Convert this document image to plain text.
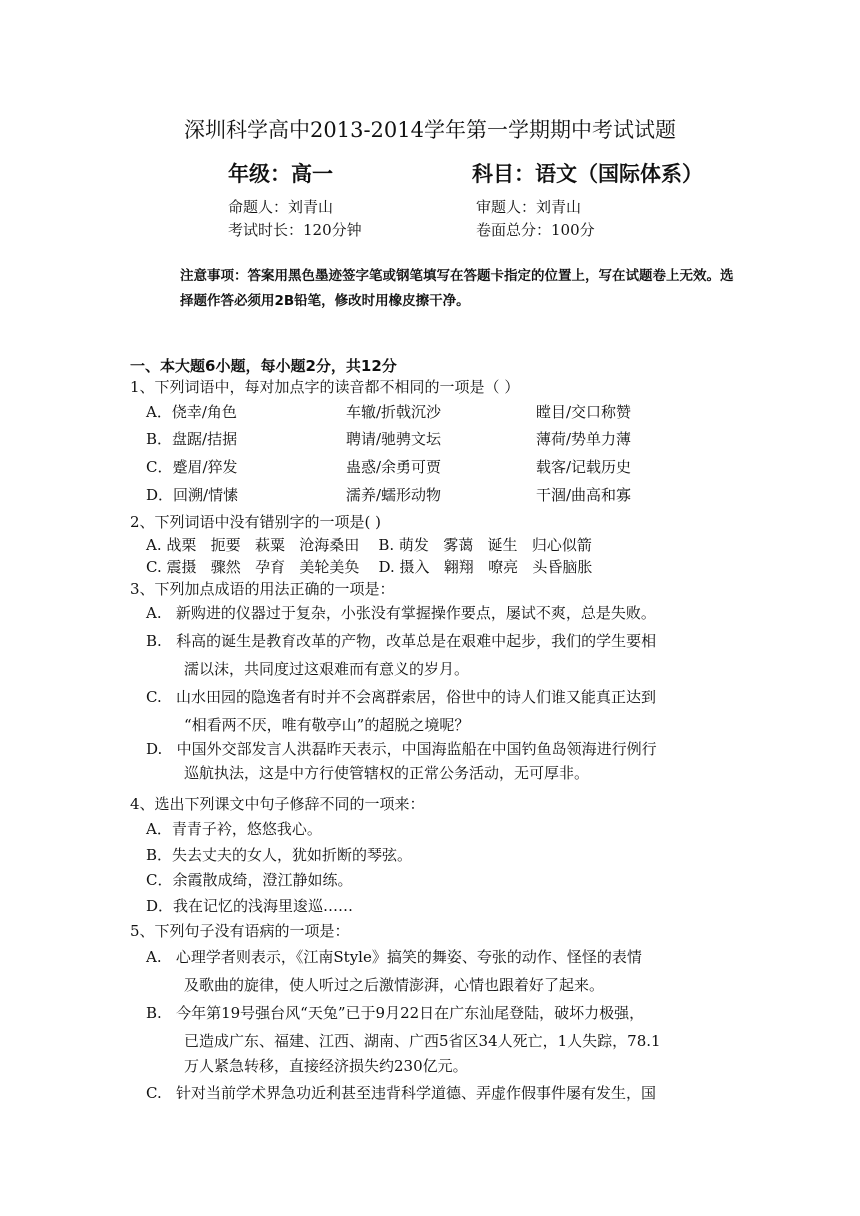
深圳科学高中2013-2014学年第一学期期中考试试题
年级：高一	科目：语文（国际体系）
命题人：刘青山	审题人：刘青山
考试时长：120分钟	卷面总分：100分
注意事项：答案用黑色墨迹签字笔或钢笔填写在答题卡指定的位置上，写在试题卷上无效。选择题作答必须用2B铅笔，修改时用橡皮擦干净。
一、本大题6小题，每小题2分，共12分
1、下列词语中，每对加点字的读音都不相同的一项是（ ）
A．侥幸/角色	车辙/折戟沉沙	瞠目/交口称赞
B．盘踞/拮据	聘请/驰骋文坛	薄荷/势单力薄
C．蹙眉/猝发	蛊惑/余勇可贾	载客/记载历史
D．回溯/情愫	濡养/蠕形动物	干涸/曲高和寡
2、下列词语中没有错别字的一项是( )
A. 战栗   扼要   萩粟   沧海桑田    B. 萌发   雾蔼   诞生   归心似箭
C. 震摄   骤然   孕育   美轮美奂    D. 摄入   翱翔   嘹亮   头昏脑胀
3、下列加点成语的用法正确的一项是：
A.   新购进的仪器过于复杂，小张没有掌握操作要点，屡试不爽，总是失败。
B.   科高的诞生是教育改革的产物，改革总是在艰难中起步，我们的学生要相
濡以沫，共同度过这艰难而有意义的岁月。
C.   山水田园的隐逸者有时并不会离群索居，俗世中的诗人们谁又能真正达到
“相看两不厌，唯有敬亭山”的超脱之境呢？
D.   中国外交部发言人洪磊昨天表示，中国海监船在中国钓鱼岛领海进行例行
巡航执法，这是中方行使管辖权的正常公务活动，无可厚非。
4、选出下列课文中句子修辞不同的一项来：
A．青青子衿，悠悠我心。
B．失去丈夫的女人，犹如折断的琴弦。
C．余霞散成绮，澄江静如练。
D．我在记忆的浅海里逡巡……
5、下列句子没有语病的一项是：
A.   心理学者则表示，《江南Style》搞笑的舞姿、夸张的动作、怪怪的表情
及歌曲的旋律，使人听过之后激情澎湃，心情也跟着好了起来。
B.   今年第19号强台风“天兔”已于9月22日在广东汕尾登陆，破坏力极强，
已造成广东、福建、江西、湖南、广西5省区34人死亡，1人失踪，78.1
万人紧急转移，直接经济损失约230亿元。
C.   针对当前学术界急功近利甚至违背科学道德、弄虚作假事件屡有发生，国
